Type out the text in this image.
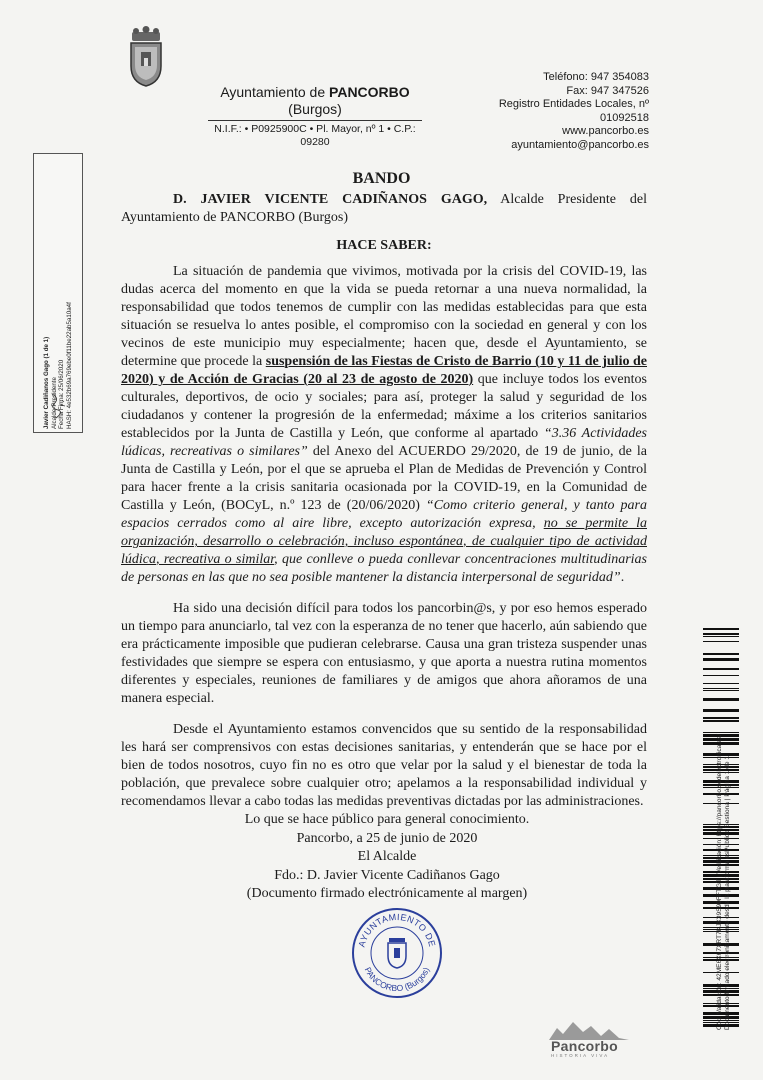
Ayuntamiento de PANCORBO
(Burgos)
N.I.F.: • P0925900C • Pl. Mayor, nº 1 • C.P.:
09280
Teléfono: 947 354083
Fax: 947 347526
Registro Entidades Locales, nº
01092518
www.pancorbo.es
ayuntamiento@pancorbo.es
Javier Cadiñanos Gago (1 de 1) Alcalde-Presidente Fecha Firma: 25/06/2020 HASH: 4e532b69a769ebe0f11be22ab5a10a4f
BANDO

D. JAVIER VICENTE CADIÑANOS GAGO, Alcalde Presidente del Ayuntamiento de PANCORBO (Burgos)

HACE SABER:

La situación de pandemia que vivimos, motivada por la crisis del COVID-19, las dudas acerca del momento en que la vida se pueda retornar a una nueva normalidad, la responsabilidad que todos tenemos de cumplir con las medidas establecidas para que esta situación se resuelva lo antes posible, el compromiso con la sociedad en general y con los vecinos de este municipio muy especialmente; hacen que, desde el Ayuntamiento, se determine que procede la suspensión de las Fiestas de Cristo de Barrio (10 y 11 de julio de 2020) y de Acción de Gracias (20 al 23 de agosto de 2020) que incluye todos los eventos culturales, deportivos, de ocio y sociales; para así, proteger la salud y seguridad de los ciudadanos y contener la progresión de la enfermedad; máxime a los criterios sanitarios establecidos por la Junta de Castilla y León, que conforme al apartado “3.36 Actividades lúdicas, recreativas o similares” del Anexo del ACUERDO 29/2020, de 19 de junio, de la Junta de Castilla y León, por el que se aprueba el Plan de Medidas de Prevención y Control para hacer frente a la crisis sanitaria ocasionada por la COVID-19, en la Comunidad de Castilla y León, (BOCyL, n.º 123 de (20/06/2020) “Como criterio general, y tanto para espacios cerrados como al aire libre, excepto autorización expresa, no se permite la organización, desarrollo o celebración, incluso espontánea, de cualquier tipo de actividad lúdica, recreativa o similar, que conlleve o pueda conllevar concentraciones multitudinarias de personas en las que no sea posible mantener la distancia interpersonal de seguridad”.

Ha sido una decisión difícil para todos los pancorbin@s, y por eso hemos esperado un tiempo para anunciarlo, tal vez con la esperanza de no tener que hacerlo, aún sabiendo que era prácticamente imposible que pudieran celebrarse. Causa una gran tristeza suspender unas festividades que siempre se espera con entusiasmo, y que aporta a nuestra rutina momentos diferentes y especiales, reuniones de familiares y de amigos que ahora añoramos de una manera especial.

Desde el Ayuntamiento estamos convencidos que su sentido de la responsabilidad les hará ser comprensivos con estas decisiones sanitarias, y entenderán que se hace por el bien de todos nosotros, cuyo fin no es otro que velar por la salud y el bienestar de toda la población, que prevalece sobre cualquier otro; apelamos a la responsabilidad individual y recomendamos llevar a cabo todas las medidas preventivas dictadas por las administraciones.

Lo que se hace público para general conocimiento.
Pancorbo, a 25 de junio de 2020
El Alcalde
Fdo.: D. Javier Vicente Cadiñanos Gago
(Documento firmado electrónicamente al margen)
AYUNTAMIENTO DE
PANCORBO (Burgos)	Cód. Validación: 42ME6X67XRT7KJX39S99FFTGT | Verificación: https://pancorbo.sedelectronica.es/ Documento firmado electrónicamente desde la plataforma esPublico Gestiona | Página 1 de 1
Pancorbo
HISTORIA VIVA
